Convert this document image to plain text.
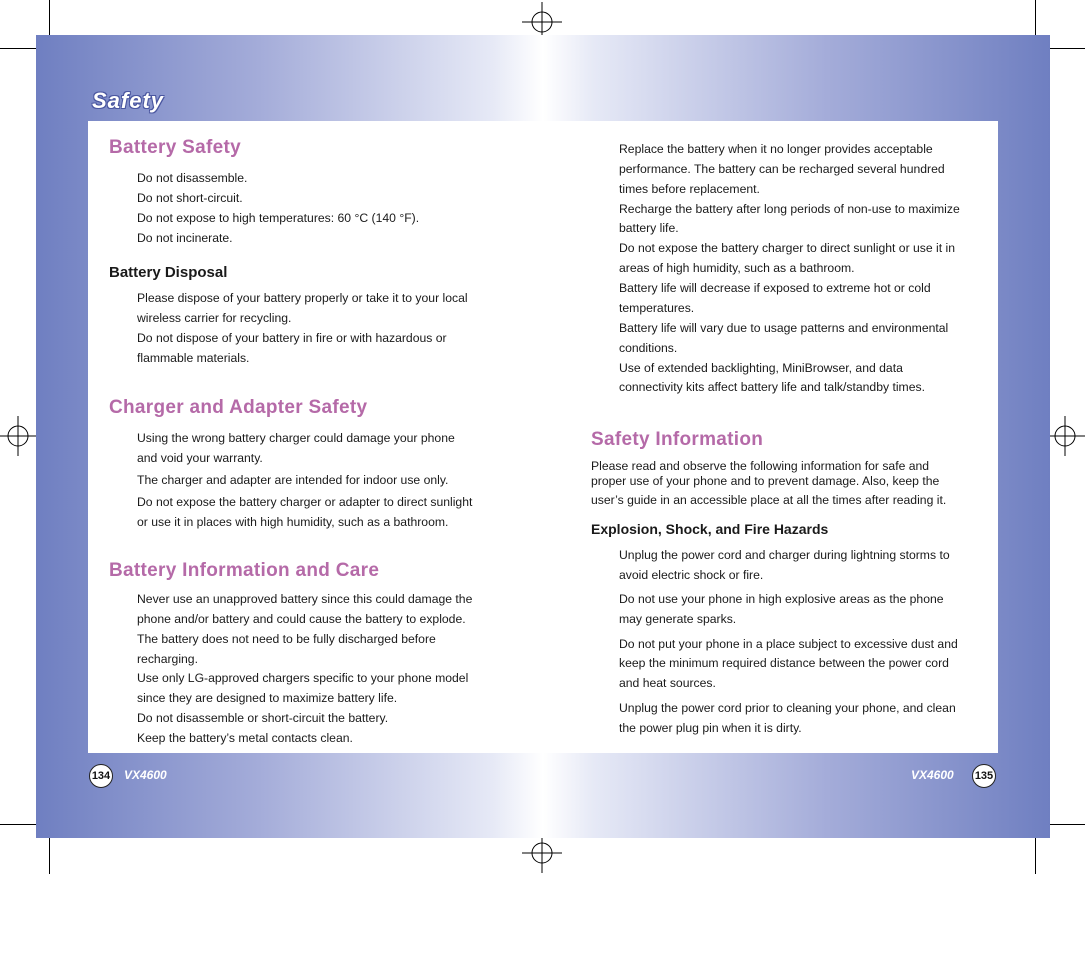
Safety
Battery Safety

Do not disassemble.

Do not short-circuit.

Do not expose to high temperatures: 60 °C (140 °F).

Do not incinerate.

Battery Disposal

Please dispose of your battery properly or take it to your local

wireless carrier for recycling.

Do not dispose of your battery in fire or with hazardous or

flammable materials.

Charger and Adapter Safety

Using the wrong battery charger could damage your phone

and void your warranty.

The charger and adapter are intended for indoor use only.

Do not expose the battery charger or adapter to direct sunlight

or use it in places with high humidity, such as a bathroom.

Battery Information and Care

Never use an unapproved battery since this could damage the

phone and/or battery and could cause the battery to explode.

The battery does not need to be fully discharged before

recharging.

Use only LG-approved chargers specific to your phone model

since they are designed to maximize battery life.

Do not disassemble or short-circuit the battery.

Keep the battery’s metal contacts clean.

Replace the battery when it no longer provides acceptable

performance. The battery can be recharged several hundred

times before replacement.

Recharge the battery after long periods of non-use to maximize

battery life.

Do not expose the battery charger to direct sunlight or use it in

areas of high humidity, such as a bathroom.

Battery life will decrease if exposed to extreme hot or cold

temperatures.

Battery life will vary due to usage patterns and environmental

conditions.

Use of extended backlighting, MiniBrowser, and data

connectivity kits affect battery life and talk/standby times.

Safety Information

Please read and observe the following information for safe and

proper use of your phone and to prevent damage. Also, keep the

user’s guide in an accessible place at all the times after reading it.

Explosion, Shock, and Fire Hazards

Unplug the power cord and charger during lightning storms to

avoid electric shock or fire.

Do not use your phone in high explosive areas as the phone

may generate sparks.

Do not put your phone in a place subject to excessive dust and

keep the minimum required distance between the power cord

and heat sources.

Unplug the power cord prior to cleaning your phone, and clean

the power plug pin when it is dirty.

134 VX4600	VX4600 135
